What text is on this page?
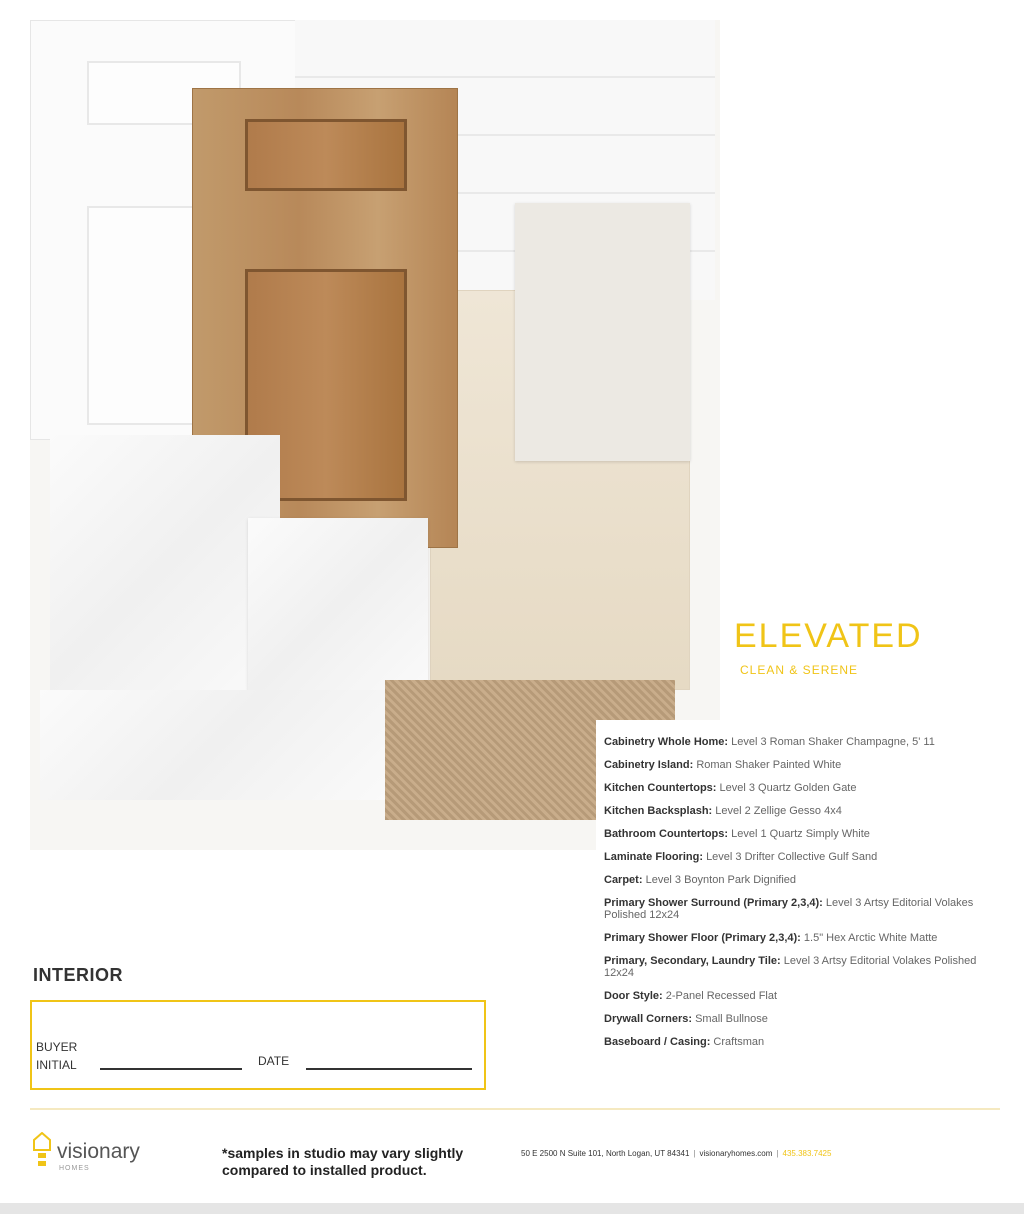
ELEVATED

CLEAN & SERENE

Cabinetry Whole Home: Level 3 Roman Shaker Champagne, 5' 11
Cabinetry Island: Roman Shaker Painted White
Kitchen Countertops: Level 3 Quartz Golden Gate
Kitchen Backsplash: Level 2 Zellige Gesso 4x4
Bathroom Countertops: Level 1 Quartz Simply White
Laminate Flooring: Level 3 Drifter Collective Gulf Sand
Carpet: Level 3 Boynton Park Dignified
Primary Shower Surround (Primary 2,3,4): Level 3 Artsy Editorial Volakes Polished 12x24
Primary Shower Floor (Primary 2,3,4): 1.5" Hex Arctic White Matte
Primary, Secondary, Laundry Tile: Level 3 Artsy Editorial Volakes Polished 12x24
Door Style: 2-Panel Recessed Flat
Drywall Corners: Small Bullnose
Baseboard / Casing: Craftsman
INTERIOR
BUYER
INITIAL	DATE
visionary
HOMES
*samples in studio may vary slightly compared to installed product.
50 E 2500 N Suite 101, North Logan, UT 84341 | visionaryhomes.com | 435.383.7425
